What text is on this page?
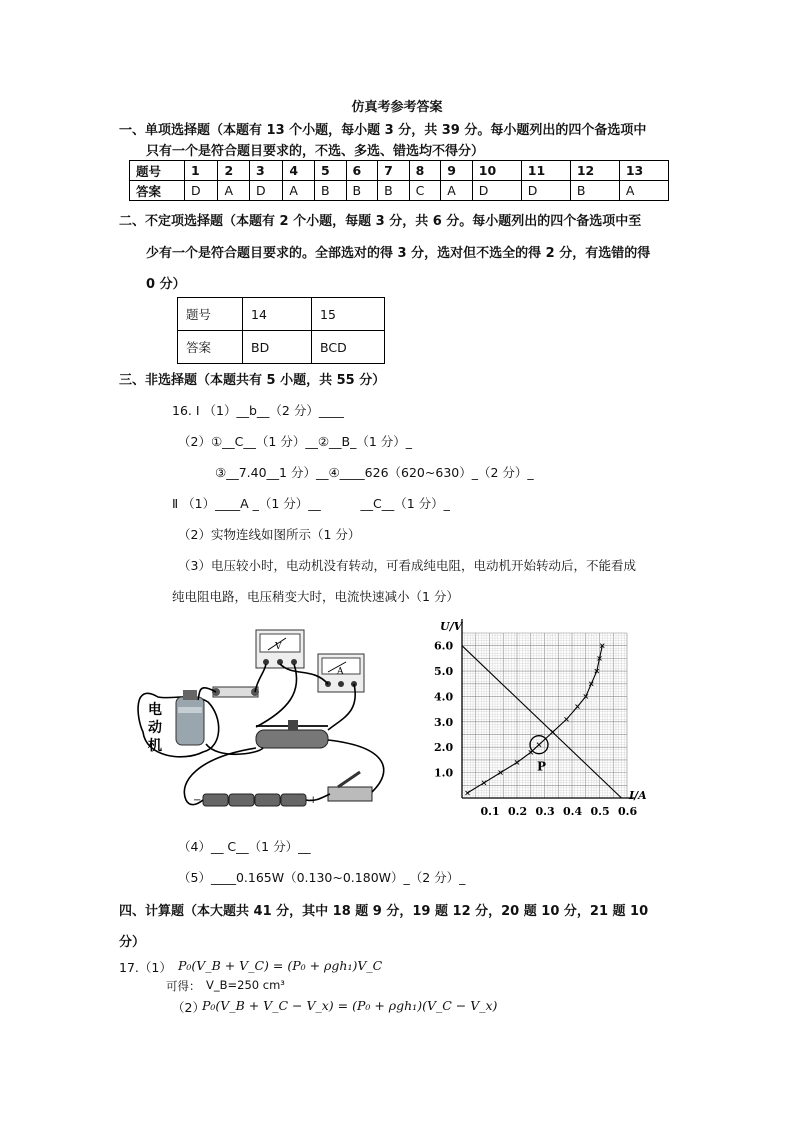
仿真考参考答案
一、单项选择题（本题有 13 个小题，每小题 3 分，共 39 分。每小题列出的四个备选项中
只有一个是符合题目要求的，不选、多选、错选均不得分）
题号	1	2	3	4	5	6	7	8	9	10	11	12	13
答案	D	A	D	A	B	B	B	C	A	D	D	B	A
二、不定项选择题（本题有 2 个小题，每题 3 分，共 6 分。每小题列出的四个备选项中至
少有一个是符合题目要求的。全部选对的得 3 分，选对但不选全的得 2 分，有选错的得
0 分）
题号	14	15
答案	BD	BCD
三、非选择题（本题共有 5 小题，共 55 分）
16. Ⅰ （1）__b__（2 分）____
（2）①__C__（1 分）__②__B_（1 分）_
③__7.40__1 分）__④____626（620~630）_（2 分）_
Ⅱ （1）____A _（1 分）__          __C__（1 分）_
（2）实物连线如图所示（1 分）
（3）电压较小时，电动机没有转动，可看成纯电阻，电动机开始转动后，不能看成
纯电阻电路，电压稍变大时，电流快速减小（1 分）
电
动
机
V
A
−	+
U/V
I/A
1.0
2.0
3.0
4.0
5.0
6.0
0.1 0.2 0.3 0.4 0.5 0.6
P
（4）__ C__（1 分）__
（5）____0.165W（0.130~0.180W）_（2 分）_
四、计算题（本大题共 41 分，其中 18 题 9 分，19 题 12 分，20 题 10 分，21 题 10
分）
17.（1） P₀(V_B + V_C) = (P₀ + ρgh₁)V_C
可得： V_B=250 cm³
（2）
P₀(V_B + V_C − V_x) = (P₀ + ρgh₁)(V_C − V_x)
